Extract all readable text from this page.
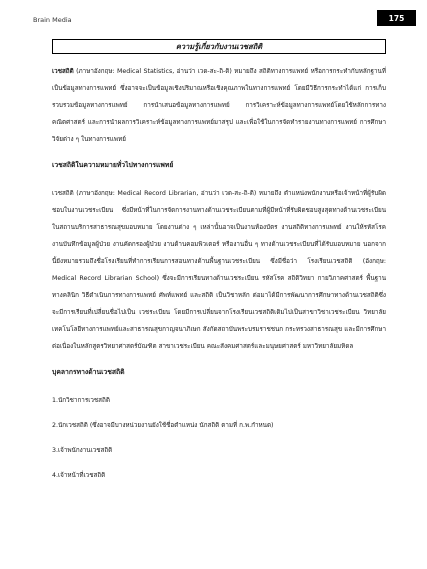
Brain Media	175
ความรู้เกี่ยวกับงานเวชสถิติ

เวชสถิติ (ภาษาอังกฤษ: Medical Statistics, อ่านว่า เวด-สะ-ถิ-ติ) หมายถึง สถิติทางการแพทย์ หรือการกระทำกับหลักฐานที่เป็นข้อมูลทางการแพทย์ ซึ่งอาจจะเป็นข้อมูลเชิงปริมาณหรือเชิงคุณภาพในทางการแพทย์ โดยมีวิธีการกระทำได้แก่ การเก็บรวบรวมข้อมูลทางการแพทย์ การนำเสนอข้อมูลทางการแพทย์ การวิเคราะห์ข้อมูลทางการแพทย์โดยใช้หลักการทางคณิตศาสตร์ และการนำผลการวิเคราะห์ข้อมูลทางการแพทย์มาสรุป และเพื่อใช้ในการจัดทำรายงานทางการแพทย์ การศึกษาวิจัยต่าง ๆ ในทางการแพทย์

เวชสถิติในความหมายทั่วไปทางการแพทย์

เวชสถิติ (ภาษาอังกฤษ: Medical Record Librarian, อ่านว่า เวด-สะ-ถิ-ติ) หมายถึง ตำแหน่งพนักงานหรือเจ้าหน้าที่ผู้รับผิดชอบในงานเวชระเบียน ซึ่งมีหน้าที่ในการจัดการงานทางด้านเวชระเบียนตามที่ผู้มีหน้าที่รับผิดชอบสูงสุดทางด้านเวชระเบียนในสถานบริการสาธารณสุขมอบหมาย โดยงานต่าง ๆ เหล่านั้นอาจเป็นงานห้องบัตร งานสถิติทางการแพทย์ งานให้รหัสโรค งานบันทึกข้อมูลผู้ป่วย งานคัดกรองผู้ป่วย งานด้านคอมพิวเตอร์ หรืองานอื่น ๆ ทางด้านเวชระเบียนที่ได้รับมอบหมาย นอกจากนี้ยังหมายรวมถึงชื่อโรงเรียนที่ทำการเรียนการสอนทางด้านพื้นฐานเวชระเบียน ซึ่งมีชื่อว่า โรงเรียนเวชสถิติ (อังกฤษ: Medical Record Librarian School) ซึ่งจะมีการเรียนทางด้านเวชระเบียน รหัสโรค สถิติวิทยา กายวิภาคศาสตร์ พื้นฐานทางคลินิก วิธีดำเนินการทางการแพทย์ ศัพท์แพทย์ และสถิติ เป็นวิชาหลัก ต่อมาได้มีการพัฒนาการศึกษาทางด้านเวชสถิติซึ่งจะมีการเรียนที่เปลี่ยนชื่อไปเป็น เวชระเบียน โดยมีการเปลี่ยนจากโรงเรียนเวชสถิติเดิมไปเป็นสาขาวิชาเวชระเบียน วิทยาลัยเทคโนโลยีทางการแพทย์และสาธารณสุขกาญจนาภิเษก สังกัดสถาบันพระบรมราชชนก กระทรวงสาธารณสุข และมีการศึกษาต่อเนื่องในหลักสูตรวิทยาศาสตร์บัณฑิต สาขาเวชระเบียน คณะสังคมศาสตร์และมนุษยศาสตร์ มหาวิทยาลัยมหิดล

บุคลากรทางด้านเวชสถิติ

1.นักวิชาการเวชสถิติ

2.นักเวชสถิติ (ซึ่งอาจมีบางหน่วยงานยังใช้ชื่อตำแหน่ง นักสถิติ ตามที่ ก.พ.กำหนด)

3.เจ้าพนักงานเวชสถิติ

4.เจ้าหน้าที่เวชสถิติ
